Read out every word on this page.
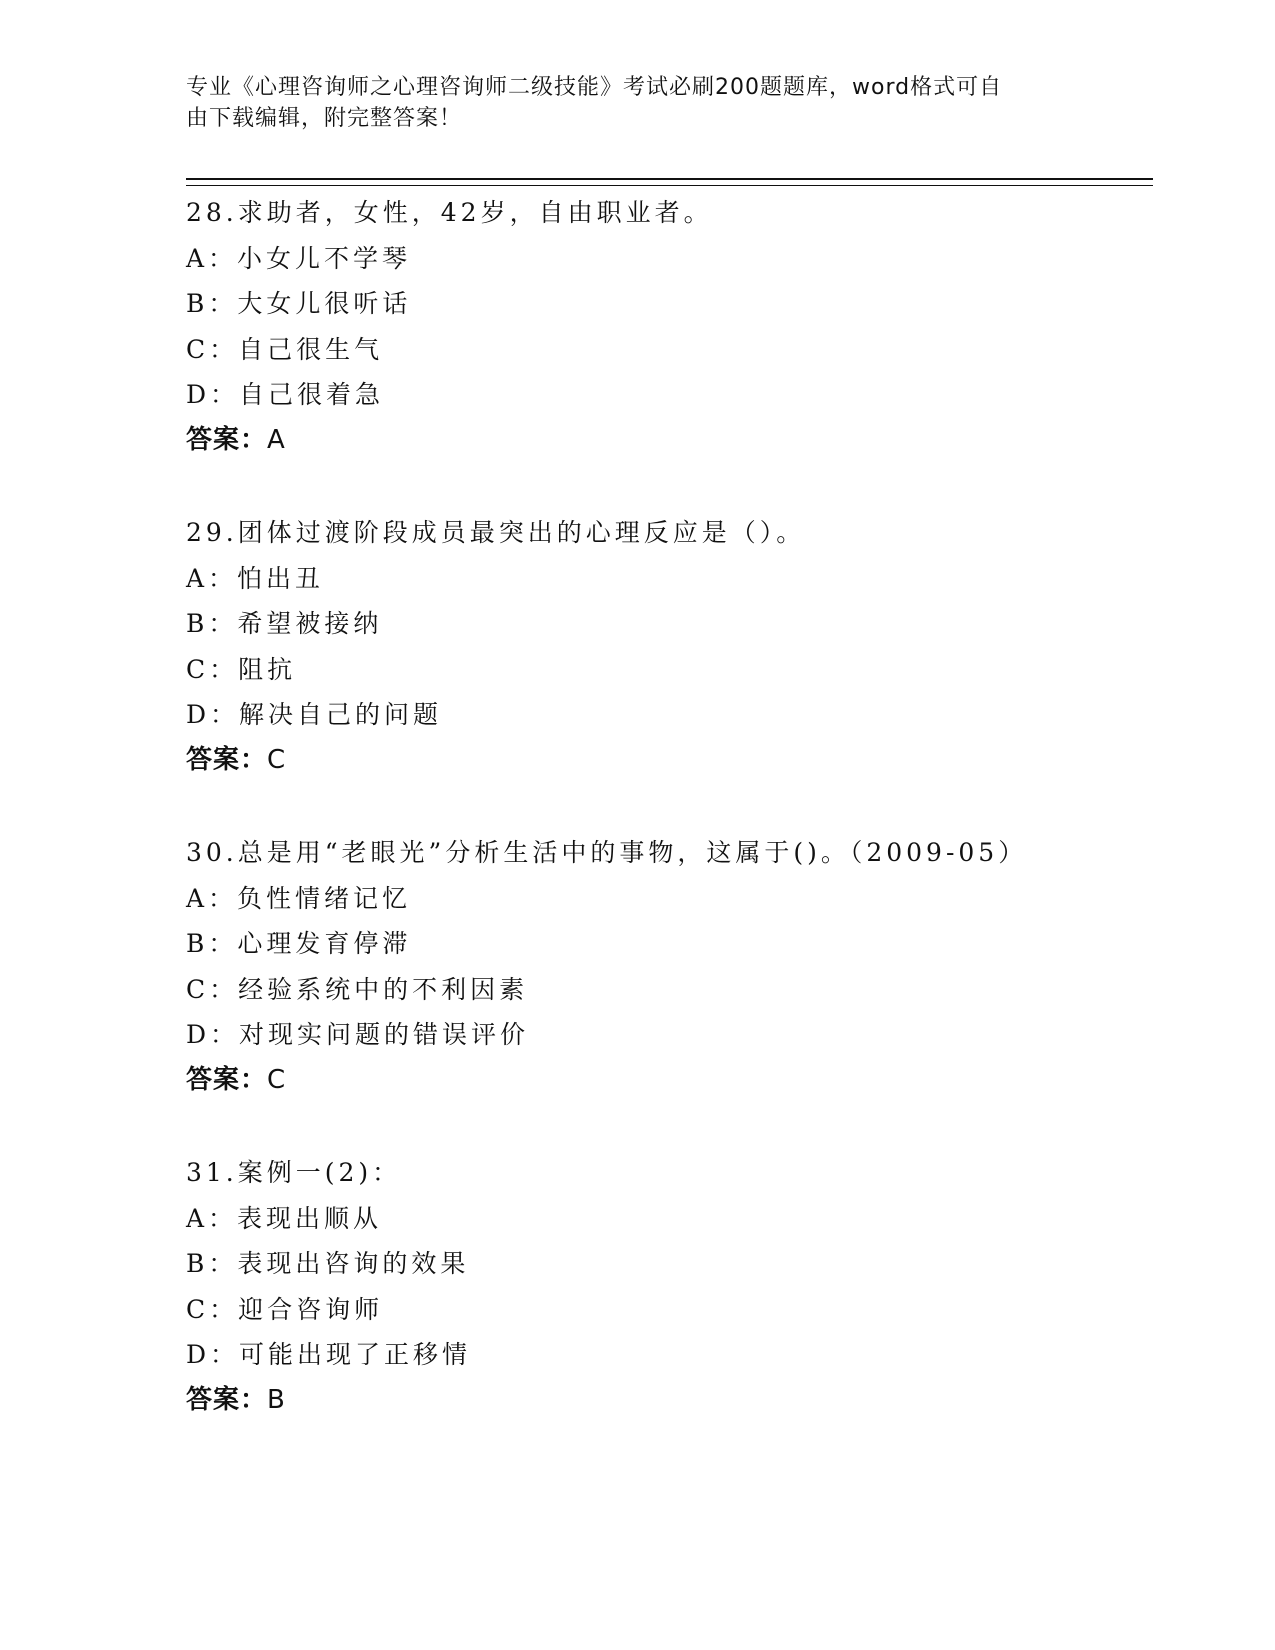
专业《心理咨询师之心理咨询师二级技能》考试必刷200题题库，word格式可自
由下载编辑，附完整答案！
28.求助者，女性，42岁，自由职业者。
A：小女儿不学琴
B：大女儿很听话
C：自己很生气
D：自己很着急
答案：A
29.团体过渡阶段成员最突出的心理反应是（）。
A：怕出丑
B：希望被接纳
C：阻抗
D：解决自己的问题
答案：C
30.总是用“老眼光”分析生活中的事物，这属于()。（2009-05）
A：负性情绪记忆
B：心理发育停滞
C：经验系统中的不利因素
D：对现实问题的错误评价
答案：C
31.案例一(2)：
A：表现出顺从
B：表现出咨询的效果
C：迎合咨询师
D：可能出现了正移情
答案：B
